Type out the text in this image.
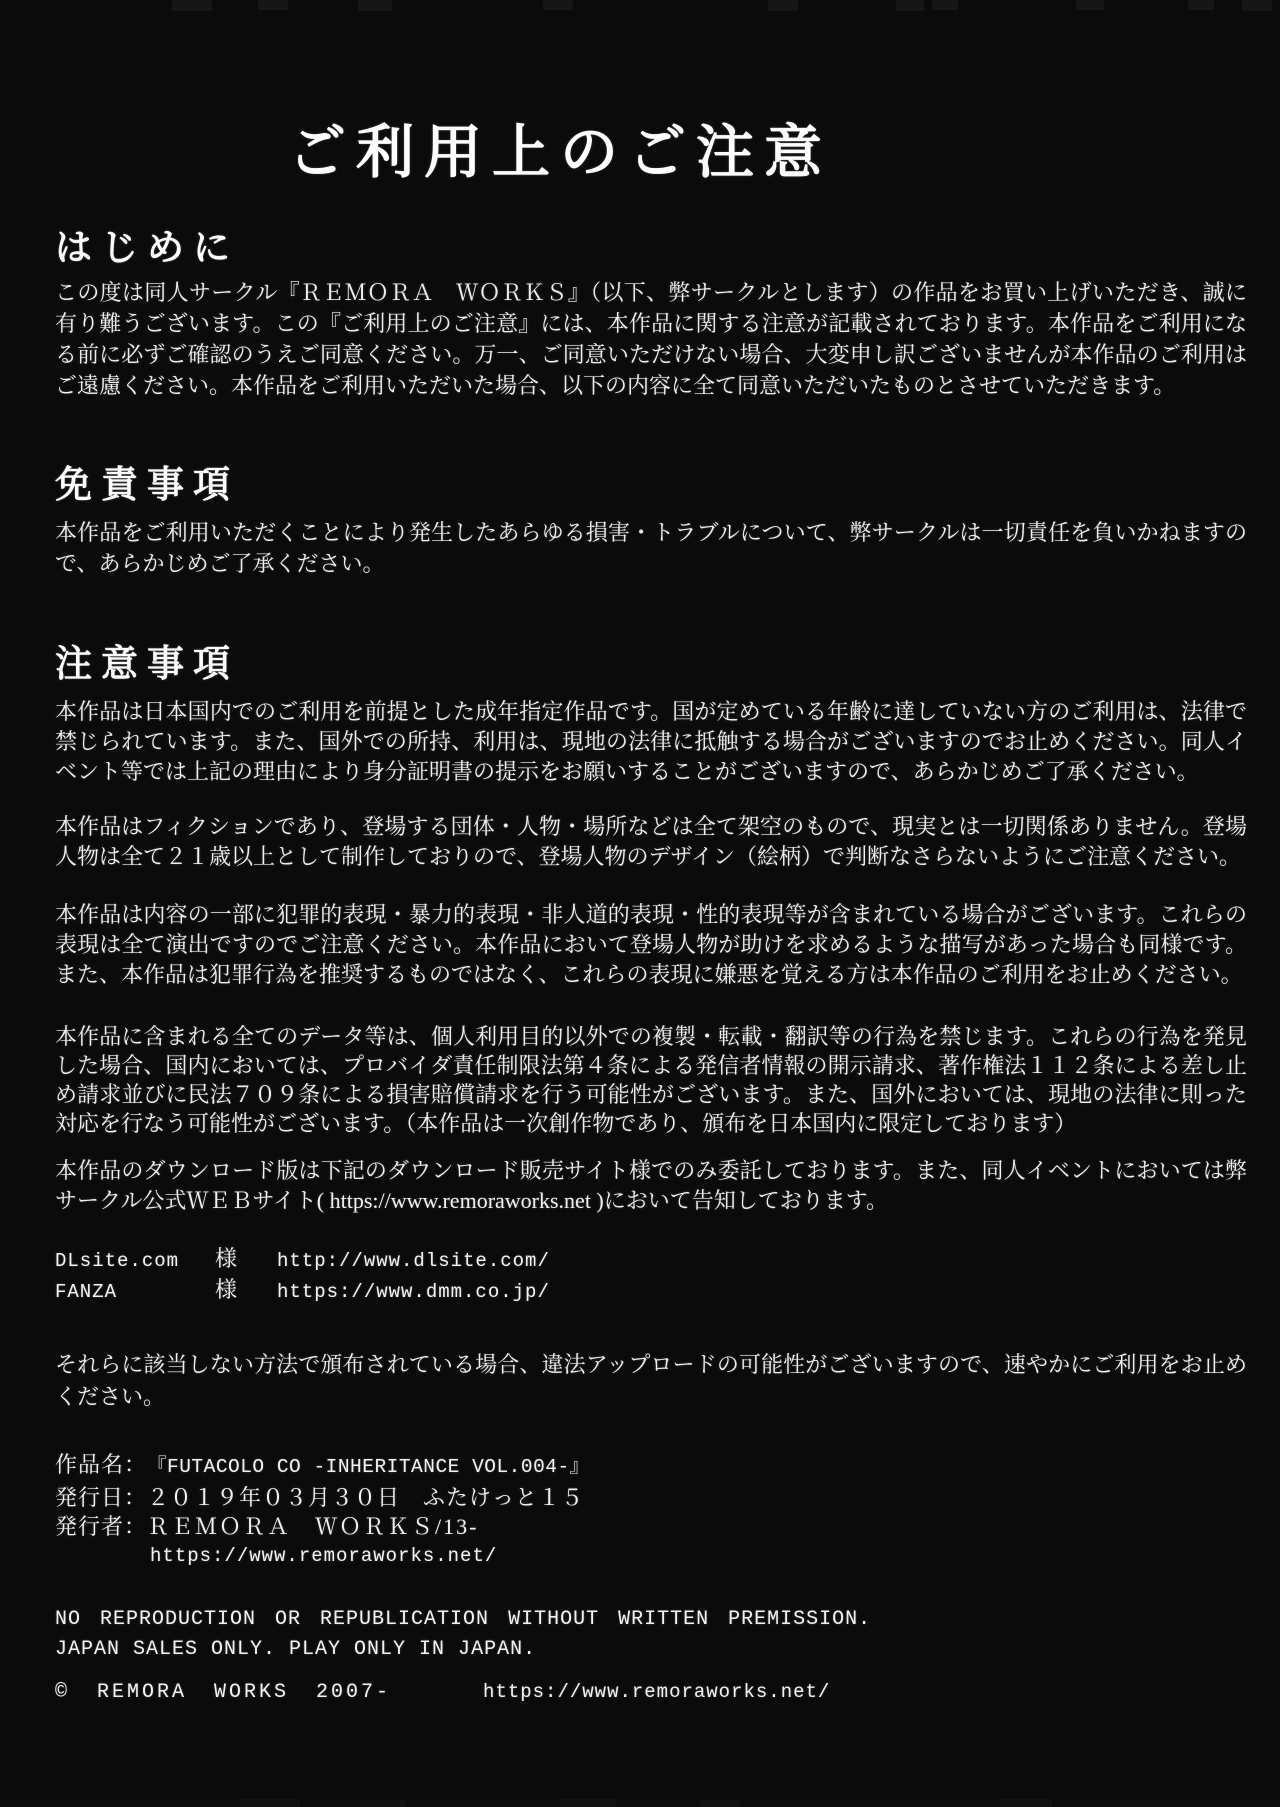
ご利用上のご注意
はじめに

この度は同人サークル『ＲＥＭＯＲＡ　ＷＯＲＫＳ』（以下、弊サークルとします）の作品をお買い上げいただき、誠に有り難うございます。この『ご利用上のご注意』には、本作品に関する注意が記載されております。本作品をご利用になる前に必ずご確認のうえご同意ください。万一、ご同意いただけない場合、大変申し訳ございませんが本作品のご利用はご遠慮ください。本作品をご利用いただいた場合、以下の内容に全て同意いただいたものとさせていただきます。

免責事項

本作品をご利用いただくことにより発生したあらゆる損害・トラブルについて、弊サークルは一切責任を負いかねますので、あらかじめご了承ください。

注意事項

本作品は日本国内でのご利用を前提とした成年指定作品です。国が定めている年齢に達していない方のご利用は、法律で禁じられています。また、国外での所持、利用は、現地の法律に抵触する場合がございますのでお止めください。同人イベント等では上記の理由により身分証明書の提示をお願いすることがございますので、あらかじめご了承ください。

本作品はフィクションであり、登場する団体・人物・場所などは全て架空のもので、現実とは一切関係ありません。登場人物は全て２１歳以上として制作しておりので、登場人物のデザイン（絵柄）で判断なさらないようにご注意ください。

本作品は内容の一部に犯罪的表現・暴力的表現・非人道的表現・性的表現等が含まれている場合がございます。これらの表現は全て演出ですのでご注意ください。本作品において登場人物が助けを求めるような描写があった場合も同様です。また、本作品は犯罪行為を推奨するものではなく、これらの表現に嫌悪を覚える方は本作品のご利用をお止めください。

本作品に含まれる全てのデータ等は、個人利用目的以外での複製・転載・翻訳等の行為を禁じます。これらの行為を発見した場合、国内においては、プロバイダ責任制限法第４条による発信者情報の開示請求、著作権法１１２条による差し止め請求並びに民法７０９条による損害賠償請求を行う可能性がございます。また、国外においては、現地の法律に則った対応を行なう可能性がございます。（本作品は一次創作物であり、頒布を日本国内に限定しております）

本作品のダウンロード版は下記のダウンロード販売サイト様でのみ委託しております。また、同人イベントにおいては弊サークル公式ＷＥＢサイト( https://www.remoraworks.net )において告知しております。

DLsite.com	様	http://www.dlsite.com/
FANZA	様	https://www.dmm.co.jp/

それらに該当しない方法で頒布されている場合、違法アップロードの可能性がございますので、速やかにご利用をお止めください。

作品名： 『FUTACOLO CO -INHERITANCE VOL.004-』
発行日： ２０１９年０３月３０日　ふたけっと１５
発行者： ＲＥＭＯＲＡ　ＷＯＲＫＳ/13-
https://www.remoraworks.net/
NO REPRODUCTION OR REPUBLICATION WITHOUT WRITTEN PREMISSION.
JAPAN SALES ONLY. PLAY ONLY IN JAPAN.
© REMORA WORKS 2007-	https://www.remoraworks.net/
